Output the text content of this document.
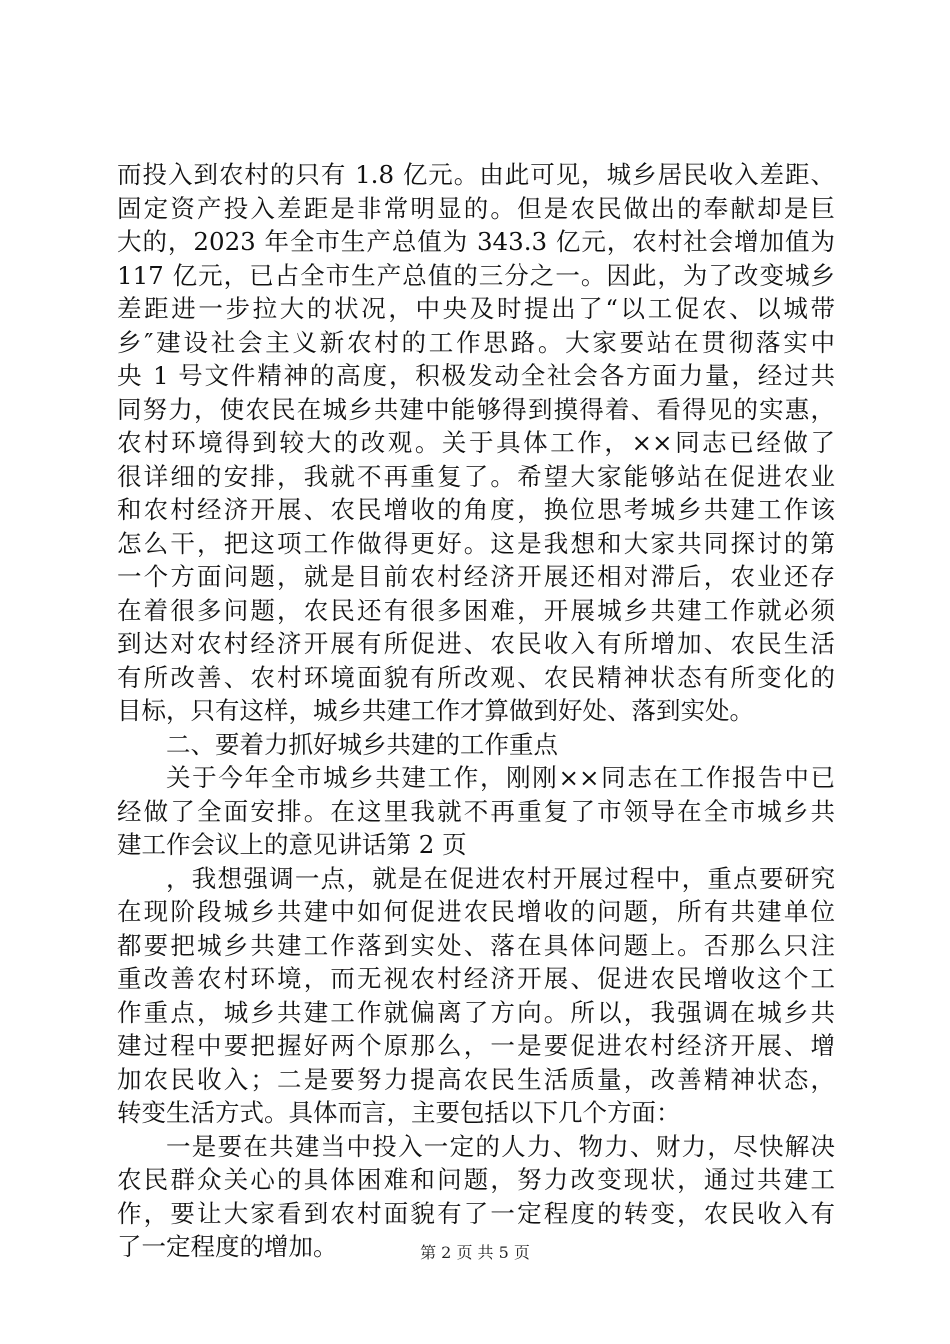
而投入到农村的只有 1.8 亿元。由此可见，城乡居民收入差距、
固定资产投入差距是非常明显的。但是农民做出的奉献却是巨
大的，2023 年全市生产总值为 343.3 亿元，农村社会增加值为
117 亿元，已占全市生产总值的三分之一。因此，为了改变城乡
差距进一步拉大的状况，中央及时提出了“以工促农、以城带
乡″建设社会主义新农村的工作思路。大家要站在贯彻落实中
央 1 号文件精神的高度，积极发动全社会各方面力量，经过共
同努力，使农民在城乡共建中能够得到摸得着、看得见的实惠，
农村环境得到较大的改观。关于具体工作，××同志已经做了
很详细的安排，我就不再重复了。希望大家能够站在促进农业
和农村经济开展、农民增收的角度，换位思考城乡共建工作该
怎么干，把这项工作做得更好。这是我想和大家共同探讨的第
一个方面问题，就是目前农村经济开展还相对滞后，农业还存
在着很多问题，农民还有很多困难，开展城乡共建工作就必须
到达对农村经济开展有所促进、农民收入有所增加、农民生活
有所改善、农村环境面貌有所改观、农民精神状态有所变化的
目标，只有这样，城乡共建工作才算做到好处、落到实处。
二、要着力抓好城乡共建的工作重点
关于今年全市城乡共建工作，刚刚××同志在工作报告中已
经做了全面安排。在这里我就不再重复了市领导在全市城乡共
建工作会议上的意见讲话第 2 页
，我想强调一点，就是在促进农村开展过程中，重点要研究
在现阶段城乡共建中如何促进农民增收的问题，所有共建单位
都要把城乡共建工作落到实处、落在具体问题上。否那么只注
重改善农村环境，而无视农村经济开展、促进农民增收这个工
作重点，城乡共建工作就偏离了方向。所以，我强调在城乡共
建过程中要把握好两个原那么，一是要促进农村经济开展、增
加农民收入；二是要努力提高农民生活质量，改善精神状态，
转变生活方式。具体而言，主要包括以下几个方面：
一是要在共建当中投入一定的人力、物力、财力，尽快解决
农民群众关心的具体困难和问题，努力改变现状，通过共建工
作，要让大家看到农村面貌有了一定程度的转变，农民收入有
了一定程度的增加。	第 2 页 共 5 页
